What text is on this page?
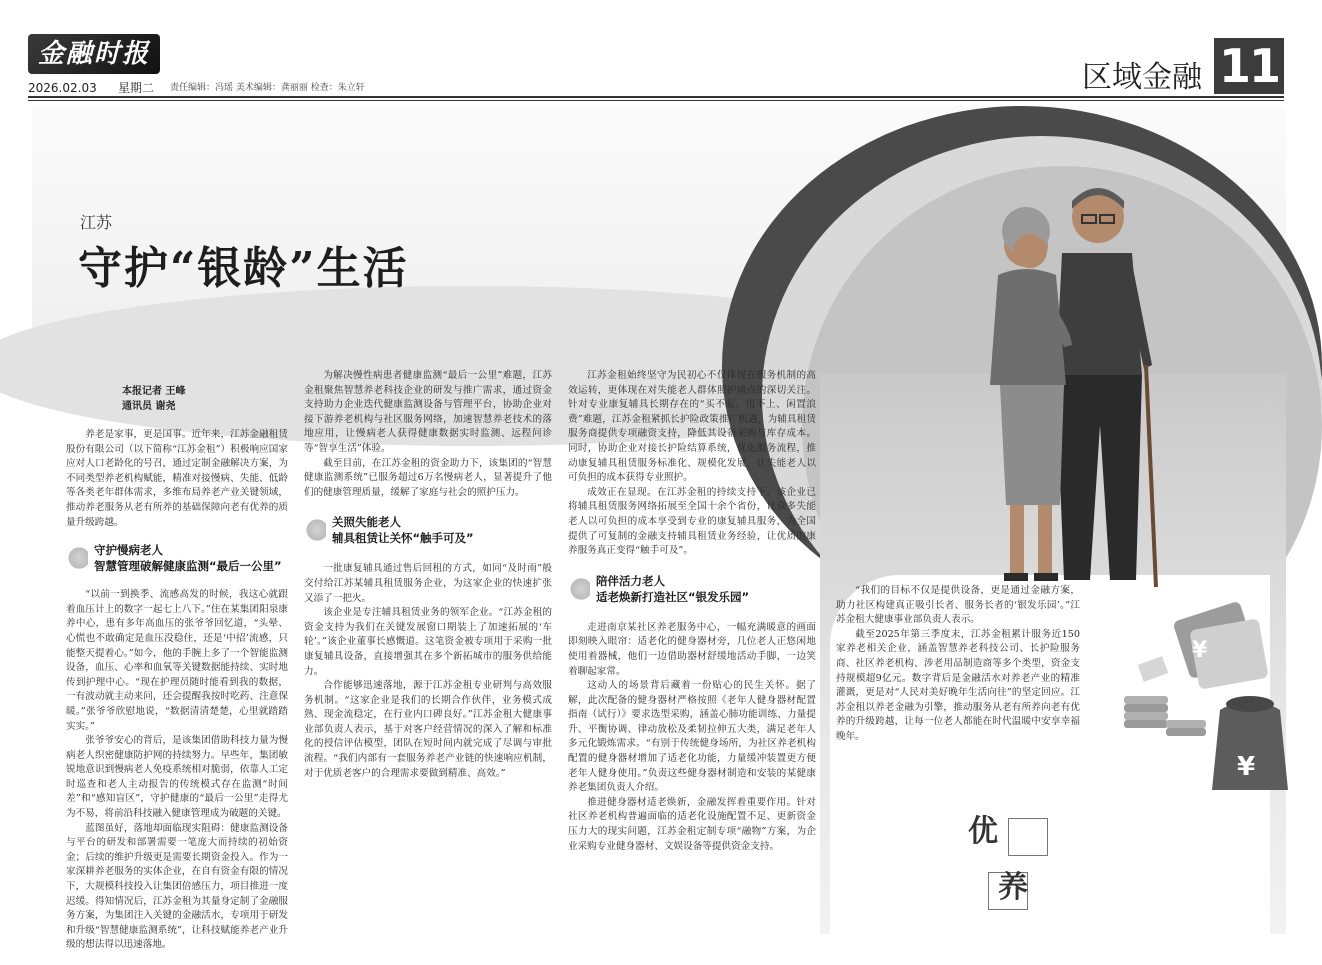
金融时报
2026.02.03 星期二 责任编辑：冯瑶 美术编辑：龚丽丽 检查：朱立轩	区域金融 11
江苏
守护“银龄”生活
¥
¥
本报记者 王峰
通讯员 谢尧

养老是家事，更是国事。近年来，江苏金融租赁股份有限公司（以下简称“江苏金租”）积极响应国家应对人口老龄化的号召，通过定制金融解决方案，为不同类型养老机构赋能，精准对接慢病、失能、低龄等各类老年群体需求，多维布局养老产业关键领域，推动养老服务从老有所养的基础保障向老有优养的质量升级跨越。

守护慢病老人
智慧管理破解健康监测“最后一公里”

“以前一到换季、流感高发的时候，我这心就跟着血压计上的数字一起七上八下。”住在某集团阳泉康养中心，患有多年高血压的张爷爷回忆道，“头晕、心慌也不敢确定是血压没稳住，还是‘中招’流感，只能整天提着心。”如今，他的手腕上多了一个智能监测设备，血压、心率和血氧等关键数据能持续、实时地传到护理中心。“现在护理员随时能看到我的数据，一有波动就主动来问，还会提醒我按时吃药、注意保暖。”张爷爷欣慰地说，“数据清清楚楚，心里就踏踏实实。”

张爷爷安心的背后，是该集团借助科技力量为慢病老人织密健康防护网的持续努力。早些年，集团敏锐地意识到慢病老人免疫系统相对脆弱，依靠人工定时巡查和老人主动报告的传统模式存在监测“时间差”和“感知盲区”，守护健康的“最后一公里”走得尤为不易，将前沿科技融入健康管理成为破题的关键。

蓝图虽好，落地却面临现实阻碍：健康监测设备与平台的研发和部署需要一笔庞大而持续的初始资金；后续的维护升级更是需要长期资金投入。作为一家深耕养老服务的实体企业，在自有资金有限的情况下，大规模科技投入让集团倍感压力，项目推进一度迟缓。得知情况后，江苏金租为其量身定制了金融服务方案，为集团注入关键的金融活水，专项用于研发和升级“智慧健康监测系统”，让科技赋能养老产业升级的想法得以迅速落地。

为解决慢性病患者健康监测“最后一公里”难题，江苏金租聚焦智慧养老科技企业的研发与推广需求，通过资金支持助力企业迭代健康监测设备与管理平台，协助企业对接下游养老机构与社区服务网络，加速智慧养老技术的落地应用，让慢病老人获得健康数据实时监测、远程问诊等“智享生活”体验。

截至目前，在江苏金租的资金助力下，该集团的“智慧健康监测系统”已服务超过6万名慢病老人，显著提升了他们的健康管理质量，缓解了家庭与社会的照护压力。

关照失能老人
辅具租赁让关怀“触手可及”

一批康复辅具通过售后回租的方式，如同“及时雨”般交付给江苏某辅具租赁服务企业，为这家企业的快速扩张又添了一把火。

该企业是专注辅具租赁业务的领军企业。“江苏金租的资金支持为我们在关键发展窗口期装上了加速拓展的‘车轮’。”该企业董事长感慨道。这笔资金被专项用于采购一批康复辅具设备，直接增强其在多个新拓城市的服务供给能力。

合作能够迅速落地，源于江苏金租专业研判与高效服务机制。“这家企业是我们的长期合作伙伴，业务模式成熟、现金流稳定，在行业内口碑良好。”江苏金租大健康事业部负责人表示，基于对客户经营情况的深入了解和标准化的授信评估模型，团队在短时间内就完成了尽调与审批流程。“我们内部有一套服务养老产业链的快速响应机制，对于优质老客户的合理需求要做到精准、高效。”

江苏金租始终坚守为民初心不仅体现在服务机制的高效运转，更体现在对失能老人群体照护痛点的深切关注。针对专业康复辅具长期存在的“买不起、用不上、闲置浪费”难题，江苏金租紧抓长护险政策推广机遇，为辅具租赁服务商提供专项融资支持，降低其设备采购与库存成本。同时，协助企业对接长护险结算系统，优化服务流程，推动康复辅具租赁服务标准化、规模化发展，让失能老人以可负担的成本获得专业照护。

成效正在显现。在江苏金租的持续支持下，该企业已将辅具租赁服务网络拓展至全国十余个省份，让众多失能老人以可负担的成本享受到专业的康复辅具服务，为全国提供了可复制的金融支持辅具租赁业务经验，让优质的康养服务真正变得“触手可及”。

陪伴活力老人
适老焕新打造社区“银发乐园”

走进南京某社区养老服务中心，一幅充满暖意的画面即刻映入眼帘：适老化的健身器材旁，几位老人正悠闲地使用着器械，他们一边借助器材舒缓地活动手脚，一边笑着聊起家常。

这动人的场景背后藏着一份贴心的民生关怀。据了解，此次配备的健身器材严格按照《老年人健身器材配置指南（试行）》要求选型采购，涵盖心肺功能训练、力量提升、平衡协调、律动放松及柔韧拉伸五大类，满足老年人多元化锻炼需求。“有别于传统健身场所，为社区养老机构配置的健身器材增加了适老化功能，力量缓冲装置更方便老年人健身使用。”负责这些健身器材制造和安装的某健康养老集团负责人介绍。

推进健身器材适老焕新，金融发挥着重要作用。针对社区养老机构普遍面临的适老化设施配置不足、更新资金压力大的现实问题，江苏金租定制专项“融物”方案，为企业采购专业健身器材、文娱设备等提供资金支持。

“我们的目标不仅是提供设备，更是通过金融方案，助力社区构建真正吸引长者、服务长者的‘银发乐园’。”江苏金租大健康事业部负责人表示。

截至2025年第三季度末，江苏金租累计服务近150家养老相关企业，涵盖智慧养老科技公司、长护险服务商、社区养老机构、涉老用品制造商等多个类型，资金支持规模超9亿元。数字背后是金融活水对养老产业的精准灌溉，更是对“人民对美好晚年生活向往”的坚定回应。江苏金租以养老金融为引擎，推动服务从老有所养向老有优养的升级跨越，让每一位老人都能在时代温暖中安享幸福晚年。

优
养
